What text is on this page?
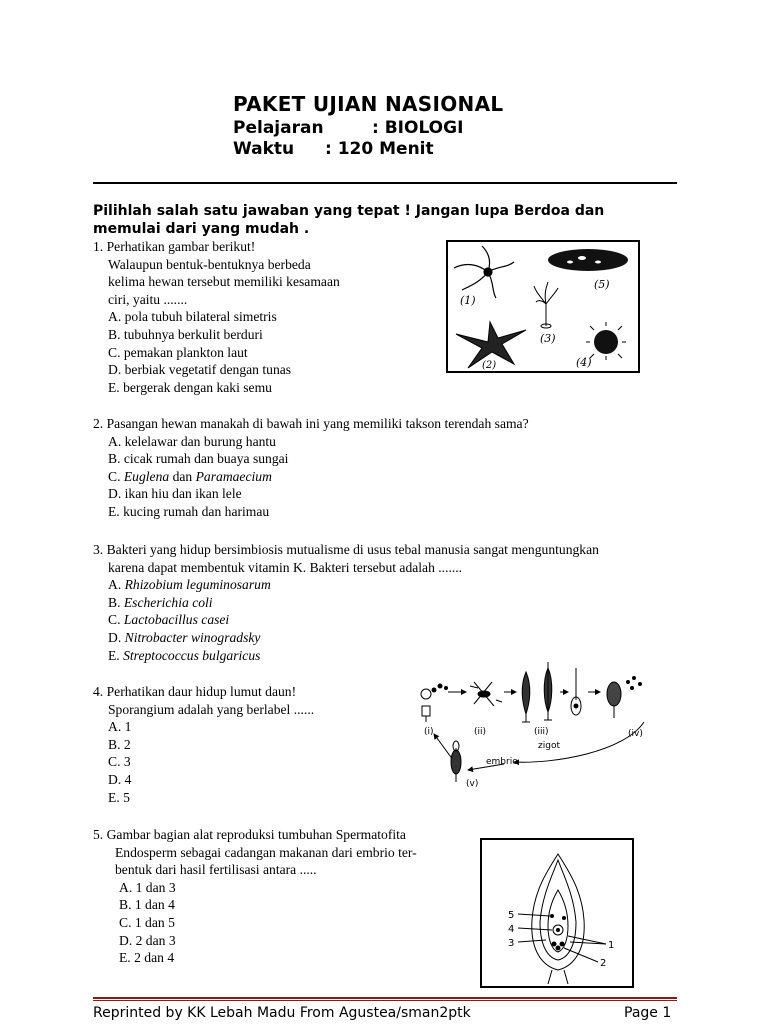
PAKET UJIAN NASIONAL
Pelajaran	: BIOLOGI
Waktu : 120 Menit
Pilihlah salah satu jawaban yang tepat ! Jangan lupa Berdoa dan memulai dari yang mudah .
1. Perhatikan gambar berikut!
Walaupun bentuk-bentuknya berbeda
kelima hewan tersebut memiliki kesamaan
ciri, yaitu .......
A. pola tubuh bilateral simetris
B. tubuhnya berkulit berduri
C. pemakan plankton laut
D. berbiak vegetatif dengan tunas
E. bergerak dengan kaki semu
(1)
(2)
(3)
(4)
(5)
2. Pasangan hewan manakah di bawah ini yang memiliki takson terendah sama?
A. kelelawar dan burung hantu
B. cicak rumah dan buaya sungai
C. Euglena dan Paramaecium
D. ikan hiu dan ikan lele
E. kucing rumah dan harimau
3. Bakteri yang hidup bersimbiosis mutualisme di usus tebal manusia sangat menguntungkan
karena dapat membentuk vitamin K. Bakteri tersebut adalah .......
A. Rhizobium leguminosarum
B. Escherichia coli
C. Lactobacillus casei
D. Nitrobacter winogradsky
E. Streptococcus bulgaricus
4. Perhatikan daur hidup lumut daun!
Sporangium adalah yang berlabel ......
A. 1
B. 2
C. 3
D. 4
E. 5
(i)	(ii)	(iii)	(iv)
(v)
zigot
embrio
5. Gambar bagian alat reproduksi tumbuhan Spermatofita
Endosperm sebagai cadangan makanan dari embrio ter-
bentuk dari hasil fertilisasi antara .....
A. 1 dan 3
B. 1 dan 4
C. 1 dan 5
D. 2 dan 3
E. 2 dan 4
5
4
3	1
2
Reprinted by KK Lebah Madu From Agustea/sman2ptk	Page 1
